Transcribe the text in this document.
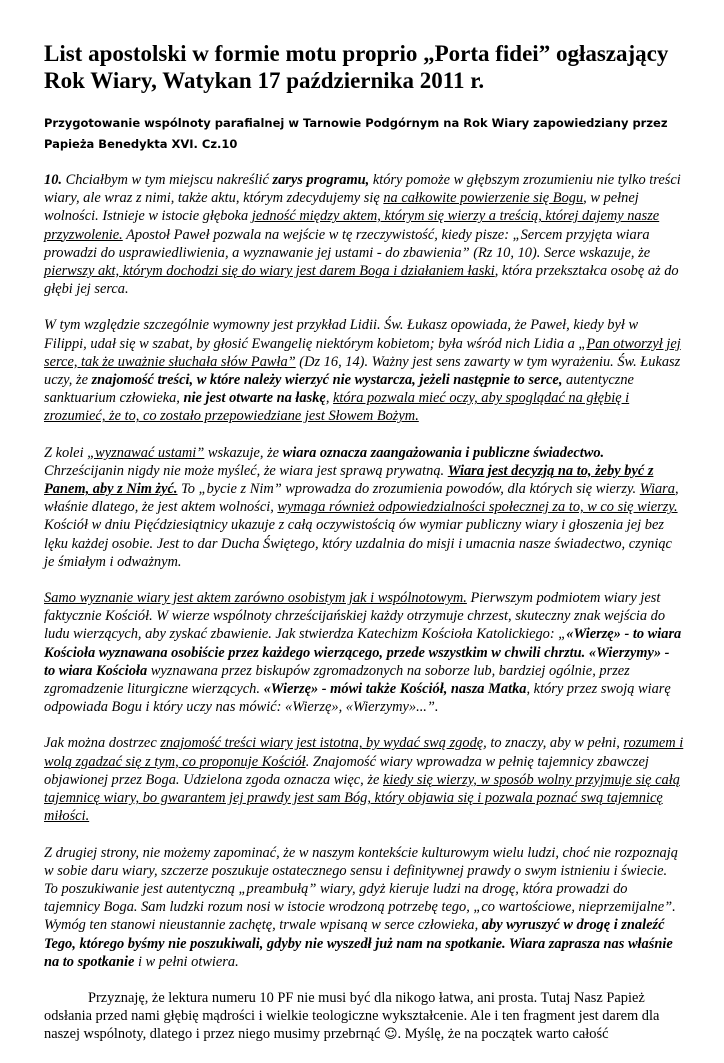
List apostolski w formie motu proprio „Porta fidei” ogłaszający Rok Wiary, Watykan 17 października 2011 r.
Przygotowanie wspólnoty parafialnej w Tarnowie Podgórnym na Rok Wiary zapowiedziany przez Papieża Benedykta XVI. Cz.10

10. Chciałbym w tym miejscu nakreślić zarys programu, który pomoże w głębszym zrozumieniu nie tylko treści wiary, ale wraz z nimi, także aktu, którym zdecydujemy się na całkowite powierzenie się Bogu, w pełnej wolności. Istnieje w istocie głęboka jedność między aktem, którym się wierzy a treścią, której dajemy nasze przyzwolenie. Apostoł Paweł pozwala na wejście w tę rzeczywistość, kiedy pisze: „Sercem przyjęta wiara prowadzi do usprawiedliwienia, a wyznawanie jej ustami - do zbawienia” (Rz 10, 10). Serce wskazuje, że pierwszy akt, którym dochodzi się do wiary jest darem Boga i działaniem łaski, która przekształca osobę aż do głębi jej serca.

W tym względzie szczególnie wymowny jest przykład Lidii. Św. Łukasz opowiada, że Paweł, kiedy był w Filippi, udał się w szabat, by głosić Ewangelię niektórym kobietom; była wśród nich Lidia a „Pan otworzył jej serce, tak że uważnie słuchała słów Pawła” (Dz 16, 14). Ważny jest sens zawarty w tym wyrażeniu. Św. Łukasz uczy, że znajomość treści, w które należy wierzyć nie wystarcza, jeżeli następnie to serce, autentyczne sanktuarium człowieka, nie jest otwarte na łaskę, która pozwala mieć oczy, aby spoglądać na głębię i zrozumieć, że to, co zostało przepowiedziane jest Słowem Bożym.

Z kolei „wyznawać ustami” wskazuje, że wiara oznacza zaangażowania i publiczne świadectwo. Chrześcijanin nigdy nie może myśleć, że wiara jest sprawą prywatną. Wiara jest decyzją na to, żeby być z Panem, aby z Nim żyć. To „bycie z Nim” wprowadza do zrozumienia powodów, dla których się wierzy. Wiara, właśnie dlatego, że jest aktem wolności, wymaga również odpowiedzialności społecznej za to, w co się wierzy. Kościół w dniu Pięćdziesiątnicy ukazuje z całą oczywistością ów wymiar publiczny wiary i głoszenia jej bez lęku każdej osobie. Jest to dar Ducha Świętego, który uzdalnia do misji i umacnia nasze świadectwo, czyniąc je śmiałym i odważnym.

Samo wyznanie wiary jest aktem zarówno osobistym jak i wspólnotowym. Pierwszym podmiotem wiary jest faktycznie Kościół. W wierze wspólnoty chrześcijańskiej każdy otrzymuje chrzest, skuteczny znak wejścia do ludu wierzących, aby zyskać zbawienie. Jak stwierdza Katechizm Kościoła Katolickiego: „«Wierzę» - to wiara Kościoła wyznawana osobiście przez każdego wierzącego, przede wszystkim w chwili chrztu. «Wierzymy» - to wiara Kościoła wyznawana przez biskupów zgromadzonych na soborze lub, bardziej ogólnie, przez zgromadzenie liturgiczne wierzących. «Wierzę» - mówi także Kościół, nasza Matka, który przez swoją wiarę odpowiada Bogu i który uczy nas mówić: «Wierzę», «Wierzymy»...”.

Jak można dostrzec znajomość treści wiary jest istotna, by wydać swą zgodę, to znaczy, aby w pełni, rozumem i wolą zgadzać się z tym, co proponuje Kościół. Znajomość wiary wprowadza w pełnię tajemnicy zbawczej objawionej przez Boga. Udzielona zgoda oznacza więc, że kiedy się wierzy, w sposób wolny przyjmuje się całą tajemnicę wiary, bo gwarantem jej prawdy jest sam Bóg, który objawia się i pozwala poznać swą tajemnicę miłości.

Z drugiej strony, nie możemy zapominać, że w naszym kontekście kulturowym wielu ludzi, choć nie rozpoznają w sobie daru wiary, szczerze poszukuje ostatecznego sensu i definitywnej prawdy o swym istnieniu i świecie. To poszukiwanie jest autentyczną „preambułą” wiary, gdyż kieruje ludzi na drogę, która prowadzi do tajemnicy Boga. Sam ludzki rozum nosi w istocie wrodzoną potrzebę tego, „co wartościowe, nieprzemijalne”. Wymóg ten stanowi nieustannie zachętę, trwale wpisaną w serce człowieka, aby wyruszyć w drogę i znaleźć Tego, którego byśmy nie poszukiwali, gdyby nie wyszedł już nam na spotkanie. Wiara zaprasza nas właśnie na to spotkanie i w pełni otwiera.

Przyznaję, że lektura numeru 10 PF nie musi być dla nikogo łatwa, ani prosta. Tutaj Nasz Papież odsłania przed nami głębię mądrości i wielkie teologiczne wykształcenie. Ale i ten fragment jest darem dla naszej wspólnoty, dlatego i przez niego musimy przebrnąć ☺. Myślę, że na początek warto całość
